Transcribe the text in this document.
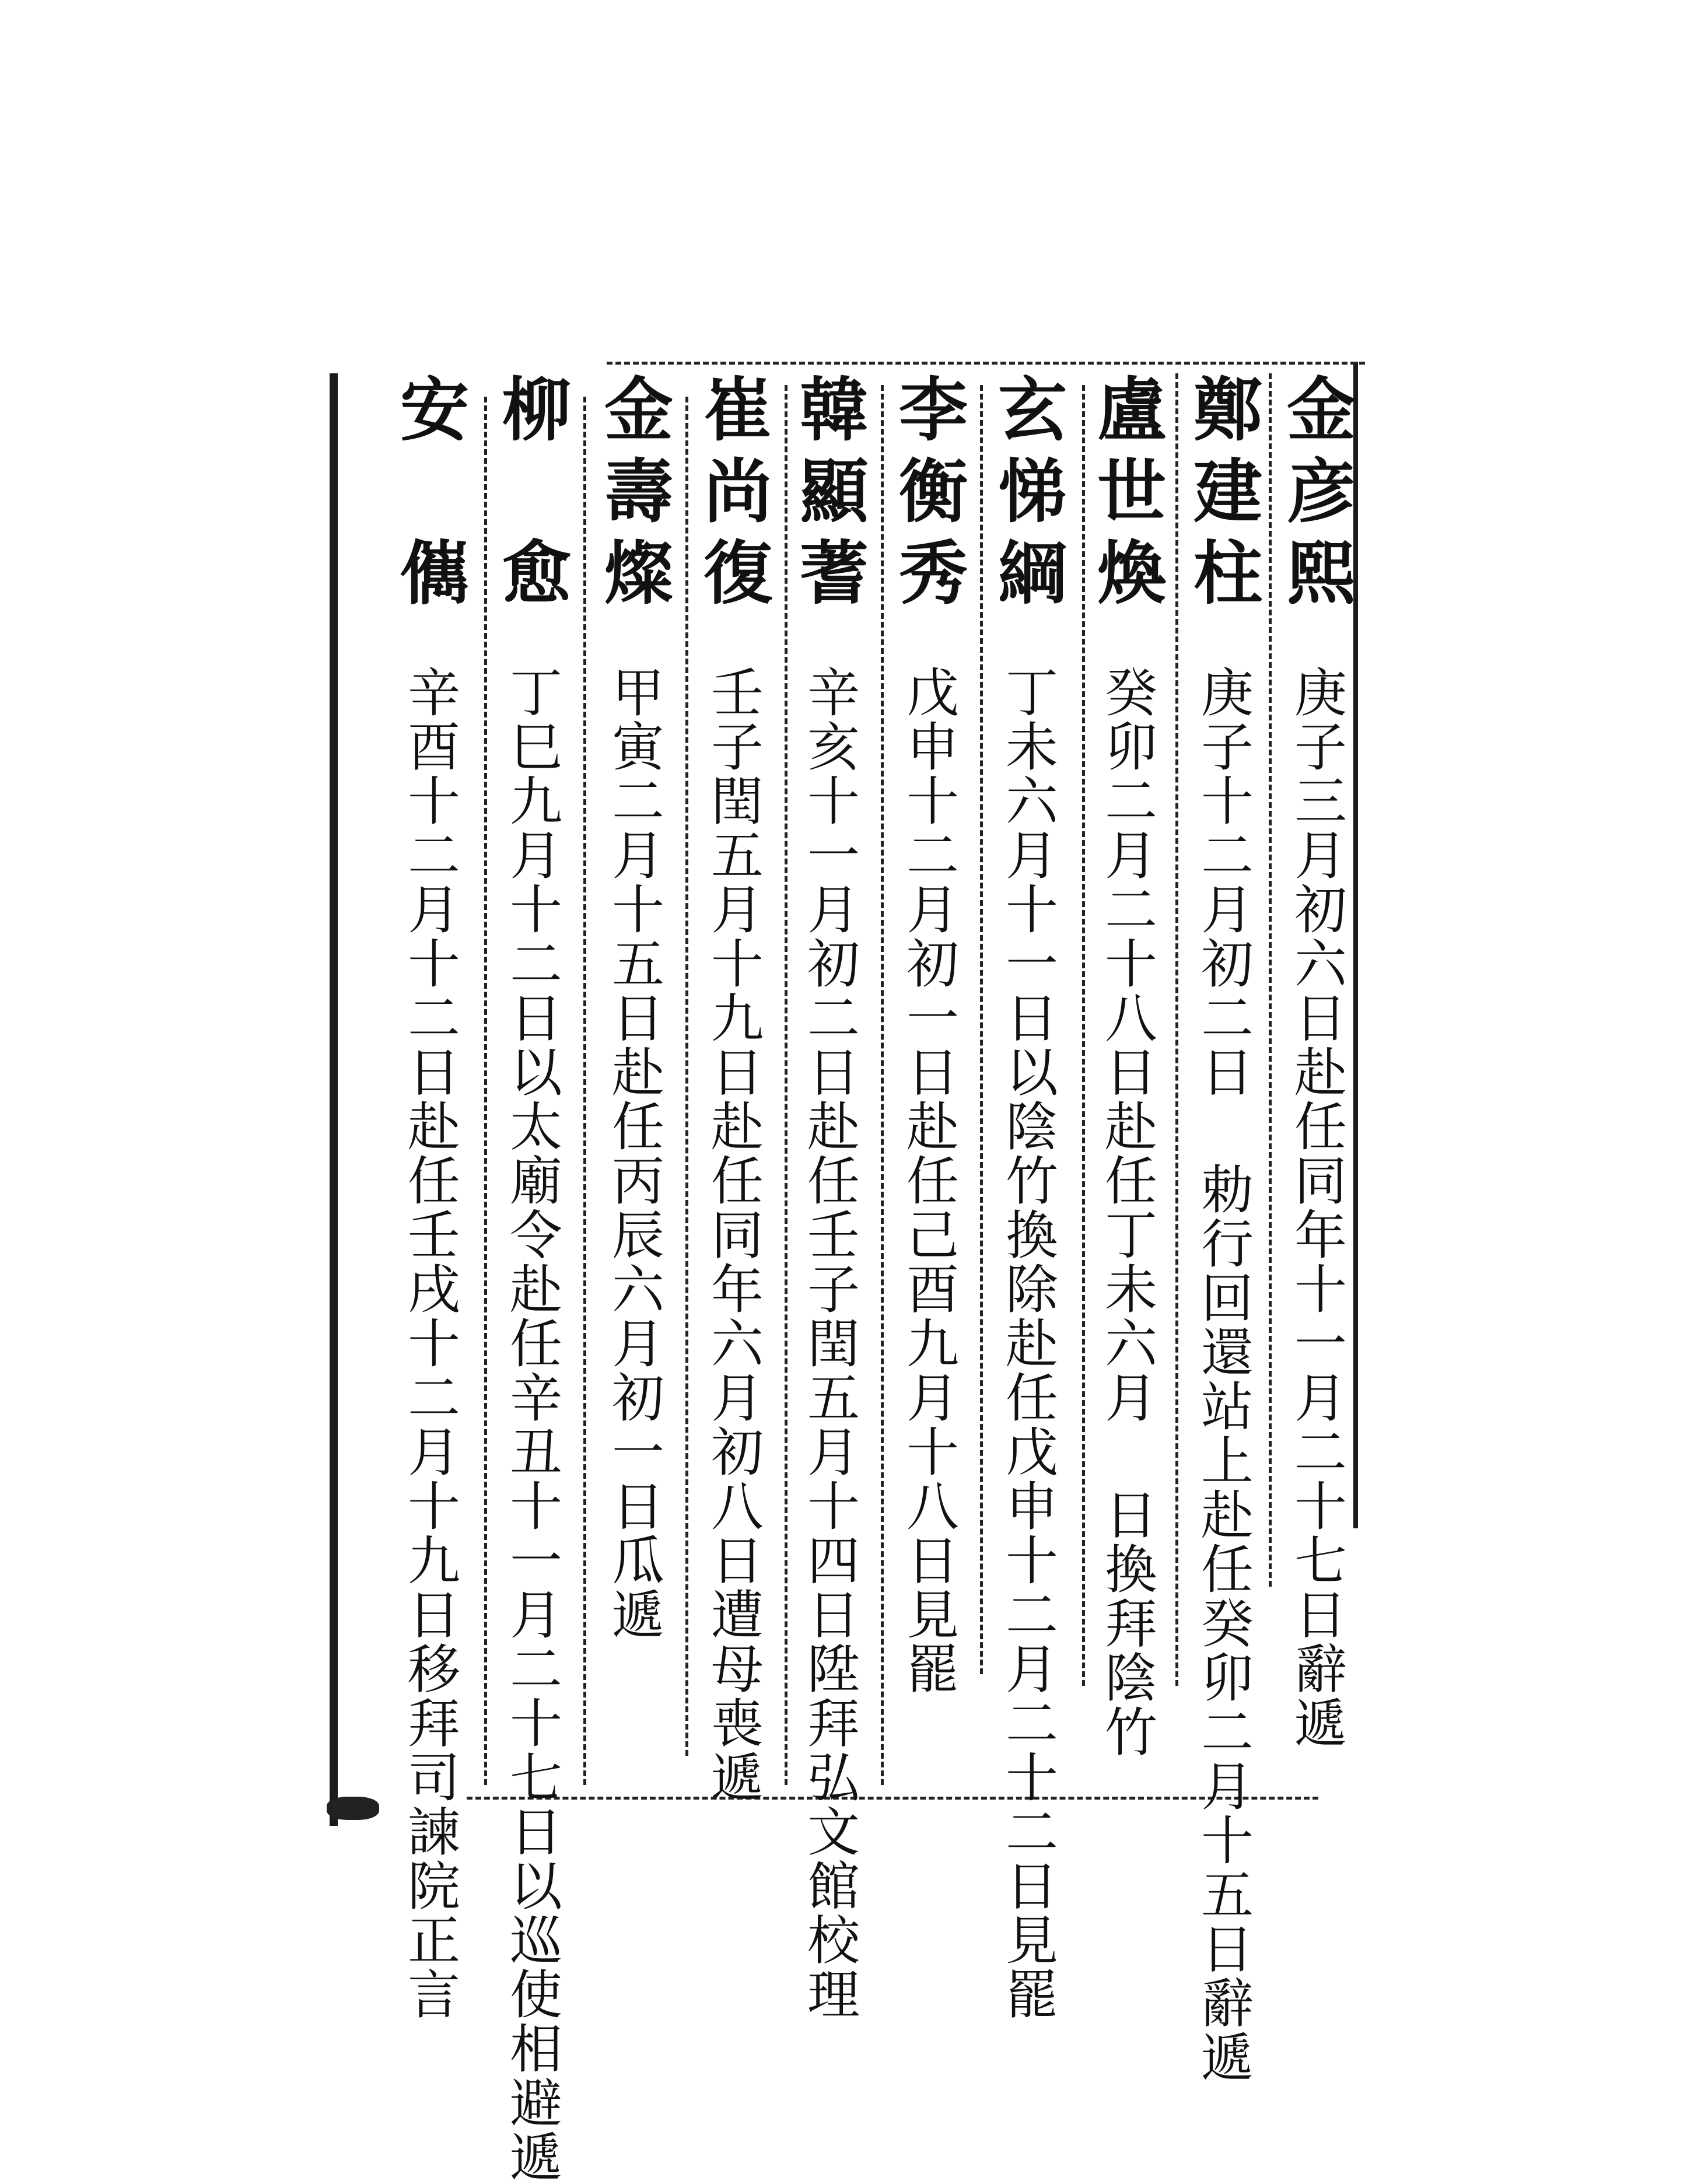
金彦熙
庚子三月初六日赴任同年十一月二十七日辭遞
鄭建柱
庚子十二月初二日 勅行回還站上赴任癸卯二月十五日辭遞
盧世煥
癸卯二月二十八日赴任丁未六月 日換拜陰竹
玄悌綱
丁未六月十一日以陰竹換除赴任戊申十二月二十二日見罷
李衡秀
戊申十二月初一日赴任己酉九月十八日見罷
韓顯蓍
辛亥十一月初二日赴任壬子閏五月十四日陞拜弘文館校理
崔尚復
壬子閏五月十九日赴任同年六月初八日遭母喪遞
金壽燦
甲寅二月十五日赴任丙辰六月初一日瓜遞
柳　愈
丁巳九月十二日以太廟令赴任辛丑十一月二十七日以巡使相避遞
安　㒞
辛酉十二月十二日赴任壬戌十二月十九日移拜司諫院正言
